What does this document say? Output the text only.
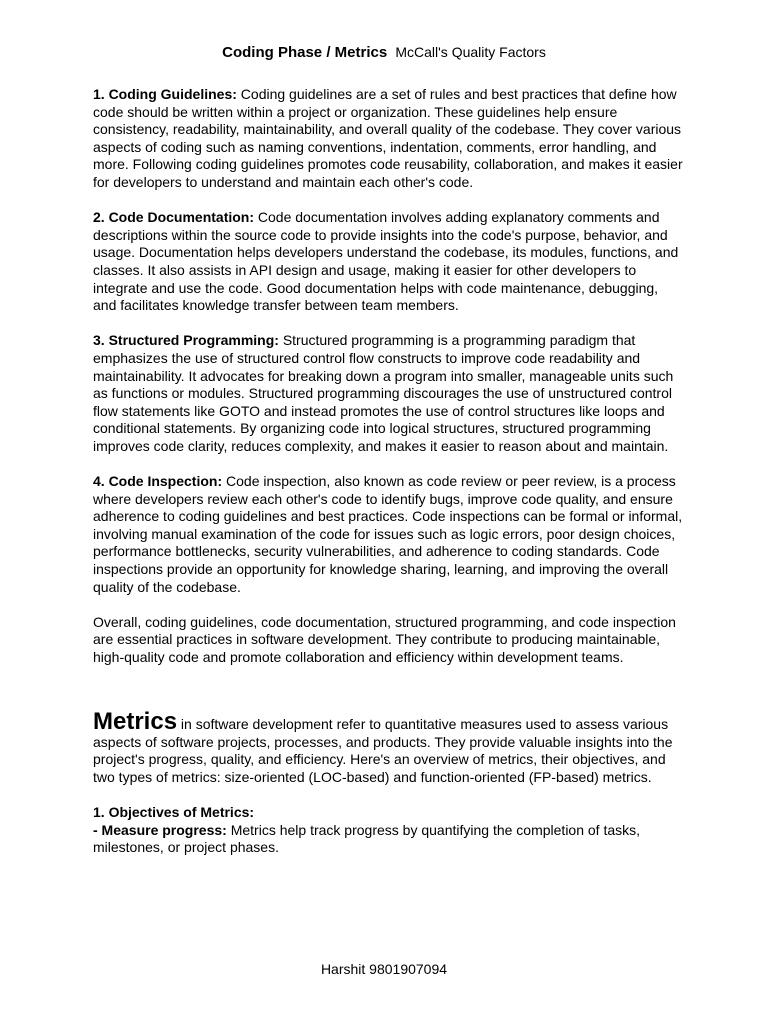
Coding Phase / Metrics McCall's Quality Factors

1. Coding Guidelines: Coding guidelines are a set of rules and best practices that define how code should be written within a project or organization. These guidelines help ensure consistency, readability, maintainability, and overall quality of the codebase. They cover various aspects of coding such as naming conventions, indentation, comments, error handling, and more. Following coding guidelines promotes code reusability, collaboration, and makes it easier for developers to understand and maintain each other's code.

2. Code Documentation: Code documentation involves adding explanatory comments and descriptions within the source code to provide insights into the code's purpose, behavior, and usage. Documentation helps developers understand the codebase, its modules, functions, and classes. It also assists in API design and usage, making it easier for other developers to integrate and use the code. Good documentation helps with code maintenance, debugging, and facilitates knowledge transfer between team members.

3. Structured Programming: Structured programming is a programming paradigm that emphasizes the use of structured control flow constructs to improve code readability and maintainability. It advocates for breaking down a program into smaller, manageable units such as functions or modules. Structured programming discourages the use of unstructured control flow statements like GOTO and instead promotes the use of control structures like loops and conditional statements. By organizing code into logical structures, structured programming improves code clarity, reduces complexity, and makes it easier to reason about and maintain.

4. Code Inspection: Code inspection, also known as code review or peer review, is a process where developers review each other's code to identify bugs, improve code quality, and ensure adherence to coding guidelines and best practices. Code inspections can be formal or informal, involving manual examination of the code for issues such as logic errors, poor design choices, performance bottlenecks, security vulnerabilities, and adherence to coding standards. Code inspections provide an opportunity for knowledge sharing, learning, and improving the overall quality of the codebase.

Overall, coding guidelines, code documentation, structured programming, and code inspection are essential practices in software development. They contribute to producing maintainable, high-quality code and promote collaboration and efficiency within development teams.

Metrics in software development refer to quantitative measures used to assess various aspects of software projects, processes, and products. They provide valuable insights into the project's progress, quality, and efficiency. Here's an overview of metrics, their objectives, and two types of metrics: size-oriented (LOC-based) and function-oriented (FP-based) metrics.

1. Objectives of Metrics:

- Measure progress: Metrics help track progress by quantifying the completion of tasks, milestones, or project phases.

Harshit 9801907094
